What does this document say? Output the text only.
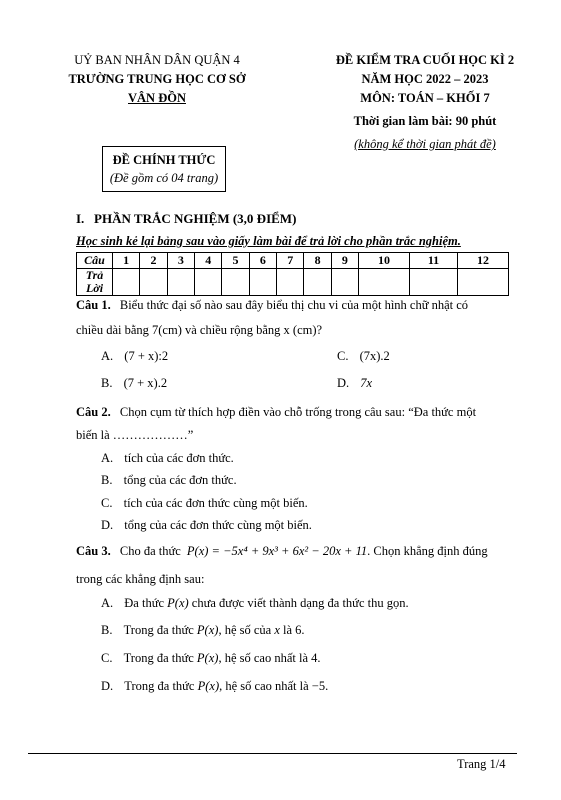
UỶ BAN NHÂN DÂN QUẬN 4
TRƯỜNG TRUNG HỌC CƠ SỞ
VÂN ĐỒN
ĐỀ KIỂM TRA CUỐI HỌC KÌ 2
NĂM HỌC 2022 – 2023
MÔN: TOÁN – KHỐI 7
Thời gian làm bài: 90 phút
(không kể thời gian phát đề)
ĐỀ CHÍNH THỨC
(Đề gồm có 04 trang)
I.   PHẦN TRẮC NGHIỆM (3,0 ĐIỂM)
Học sinh kẻ lại bảng sau vào giấy làm bài để trả lời cho phần trắc nghiệm.
Câu	1	2	3	4	5	6	7	8	9	10	11	12
Trả
Lời												
Câu 1. Biểu thức đại số nào sau đây biểu thị chu vi của một hình chữ nhật có
chiều dài bằng 7(cm) và chiều rộng bằng x (cm)?
A. (7 + x):2	C. (7x).2
B. (7 + x).2	D. 7x
Câu 2. Chọn cụm từ thích hợp điền vào chỗ trống trong câu sau: “Đa thức một
biến là ………………”
A. tích của các đơn thức.
B. tổng của các đơn thức.
C. tích của các đơn thức cùng một biến.
D. tổng của các đơn thức cùng một biến.
Câu 3. Cho đa thức P(x) = −5x⁴ + 9x³ + 6x² − 20x + 11. Chọn khẳng định đúng
trong các khẳng định sau:
A. Đa thức P(x) chưa được viết thành dạng đa thức thu gọn.
B. Trong đa thức P(x), hệ số của x là 6.
C. Trong đa thức P(x), hệ số cao nhất là 4.
D. Trong đa thức P(x), hệ số cao nhất là −5.
Trang 1/4
